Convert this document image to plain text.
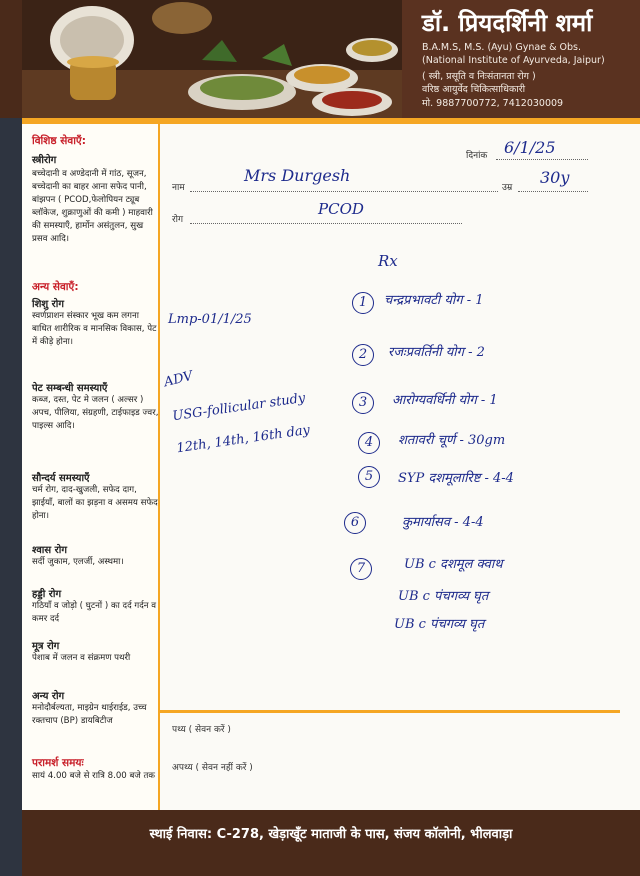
डॉ. प्रियदर्शिनी शर्मा
B.A.M.S, M.S. (Ayu) Gynae & Obs.
(National Institute of Ayurveda, Jaipur)
( स्त्री, प्रसूति व निःसंतानता रोग )
वरिष्ठ आयुर्वेद चिकित्साधिकारी
मो. 9887700772, 7412030009
विशिष्ठ सेवाएँ:
स्त्रीरोग
बच्चेदानी व अण्डेदानी में गांठ, सूजन, बच्चेदानी का बाहर आना सफेद पानी, बांझपन ( PCOD,फेलोपियन ट्यूब ब्लॉकेज, शुक्राणुओं की कमी ) माहवारी की समस्याएँ, हार्मोन असंतुलन, सुख प्रसव आदि।
अन्य सेवाएँ:
शिशु रोग
स्वर्णप्राशन संस्कार भूख कम लगना बाधित शारीरिक व मानसिक विकास, पेट में कीड़े होना।
पेट सम्बन्धी समस्याएँ
कब्ज, दस्त, पेट मे जलन ( अल्सर ) अपच, पीलिया, संग्रहणी, टाईफाइड ज्वर, पाइल्स आदि।
सौन्दर्य समस्याएँ
चर्म रोग, दाद-खुजली, सफेद दाग, झाईयाँ, बालों का झड़ना व असमय सफेद होना।
श्वास रोग
सर्दी जुकाम, एलर्जी, अस्थमा।
हड्डी रोग
गठियाँ व जोड़ो ( घुटनों ) का दर्द गर्दन व कमर दर्द
मूत्र रोग
पेशाब में जलन व संक्रमण पथरी
अन्य रोग
मनोदौर्बल्यता, माइग्रेन थाईराईड, उच्च रक्तचाप (BP) डायबिटीज
परामर्श समयः
सायं 4.00 बजे से रात्रि 8.00 बजे तक
दिनांक 6/1/25
नाम
Mrs Durgesh
उम्र
30y
रोग
PCOD
Rx
Lmp-01/1/25
ADV
USG-follicular study
12th, 14th, 16th day
1	चन्द्रप्रभावटी योग - 1
2	रजःप्रवर्तिनी योग - 2
3	आरोग्यवर्धिनी योग - 1
4	शतावरी चूर्ण - 30gm
5	SYP दशमूलारिष्ट - 4-4
6	कुमार्यासव - 4-4
7	UB c दशमूल क्वाथ
UB c पंचगव्य घृत
UB c पंचगव्य घृत
पथ्य ( सेवन करें )
अपथ्य ( सेवन नहीं करें )
स्थाई निवास: C-278, खेड़ाखूँट माताजी के पास, संजय कॉलोनी, भीलवाड़ा
